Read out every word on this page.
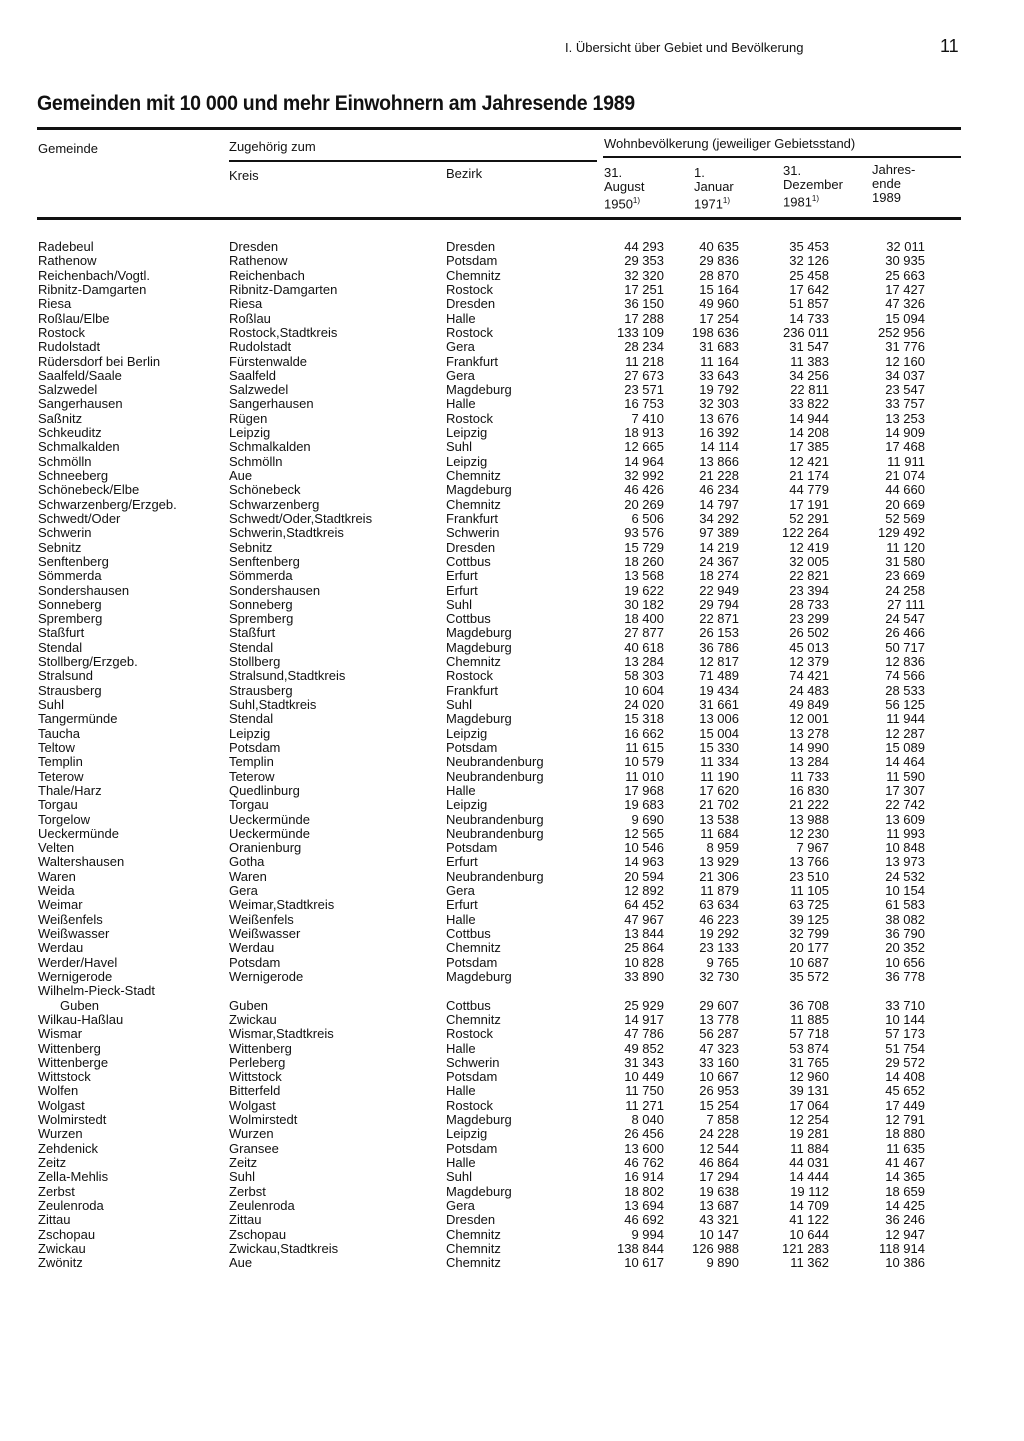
I. Übersicht über Gebiet und Bevölkerung	11
Gemeinden mit 10 000 und mehr Einwohnern am Jahresende 1989
Gemeinde	Zugehörig zum	Wohnbevölkerung (jeweiliger Gebietsstand)
Kreis	Bezirk	31.
August
1950$^{1)}$
1.
Januar
1971$^{1)}$
31.
Dezember
1981$^{1)}$
Jahres-
ende
1989
Radebeul	Dresden	Dresden	44 293	40 635	35 453	32 011
Rathenow	Rathenow	Potsdam	29 353	29 836	32 126	30 935
Reichenbach/Vogtl.	Reichenbach	Chemnitz	32 320	28 870	25 458	25 663
Ribnitz-Damgarten	Ribnitz-Damgarten	Rostock	17 251	15 164	17 642	17 427
Riesa	Riesa	Dresden	36 150	49 960	51 857	47 326
Roßlau/Elbe	Roßlau	Halle	17 288	17 254	14 733	15 094
Rostock	Rostock,Stadtkreis	Rostock	133 109	198 636	236 011	252 956
Rudolstadt	Rudolstadt	Gera	28 234	31 683	31 547	31 776
Rüdersdorf bei Berlin	Fürstenwalde	Frankfurt	11 218	11 164	11 383	12 160
Saalfeld/Saale	Saalfeld	Gera	27 673	33 643	34 256	34 037
Salzwedel	Salzwedel	Magdeburg	23 571	19 792	22 811	23 547
Sangerhausen	Sangerhausen	Halle	16 753	32 303	33 822	33 757
Saßnitz	Rügen	Rostock	7 410	13 676	14 944	13 253
Schkeuditz	Leipzig	Leipzig	18 913	16 392	14 208	14 909
Schmalkalden	Schmalkalden	Suhl	12 665	14 114	17 385	17 468
Schmölln	Schmölln	Leipzig	14 964	13 866	12 421	11 911
Schneeberg	Aue	Chemnitz	32 992	21 228	21 174	21 074
Schönebeck/Elbe	Schönebeck	Magdeburg	46 426	46 234	44 779	44 660
Schwarzenberg/Erzgeb.	Schwarzenberg	Chemnitz	20 269	14 797	17 191	20 669
Schwedt/Oder	Schwedt/Oder,Stadtkreis	Frankfurt	6 506	34 292	52 291	52 569
Schwerin	Schwerin,Stadtkreis	Schwerin	93 576	97 389	122 264	129 492
Sebnitz	Sebnitz	Dresden	15 729	14 219	12 419	11 120
Senftenberg	Senftenberg	Cottbus	18 260	24 367	32 005	31 580
Sömmerda	Sömmerda	Erfurt	13 568	18 274	22 821	23 669
Sondershausen	Sondershausen	Erfurt	19 622	22 949	23 394	24 258
Sonneberg	Sonneberg	Suhl	30 182	29 794	28 733	27 111
Spremberg	Spremberg	Cottbus	18 400	22 871	23 299	24 547
Staßfurt	Staßfurt	Magdeburg	27 877	26 153	26 502	26 466
Stendal	Stendal	Magdeburg	40 618	36 786	45 013	50 717
Stollberg/Erzgeb.	Stollberg	Chemnitz	13 284	12 817	12 379	12 836
Stralsund	Stralsund,Stadtkreis	Rostock	58 303	71 489	74 421	74 566
Strausberg	Strausberg	Frankfurt	10 604	19 434	24 483	28 533
Suhl	Suhl,Stadtkreis	Suhl	24 020	31 661	49 849	56 125
Tangermünde	Stendal	Magdeburg	15 318	13 006	12 001	11 944
Taucha	Leipzig	Leipzig	16 662	15 004	13 278	12 287
Teltow	Potsdam	Potsdam	11 615	15 330	14 990	15 089
Templin	Templin	Neubrandenburg	10 579	11 334	13 284	14 464
Teterow	Teterow	Neubrandenburg	11 010	11 190	11 733	11 590
Thale/Harz	Quedlinburg	Halle	17 968	17 620	16 830	17 307
Torgau	Torgau	Leipzig	19 683	21 702	21 222	22 742
Torgelow	Ueckermünde	Neubrandenburg	9 690	13 538	13 988	13 609
Ueckermünde	Ueckermünde	Neubrandenburg	12 565	11 684	12 230	11 993
Velten	Oranienburg	Potsdam	10 546	8 959	7 967	10 848
Waltershausen	Gotha	Erfurt	14 963	13 929	13 766	13 973
Waren	Waren	Neubrandenburg	20 594	21 306	23 510	24 532
Weida	Gera	Gera	12 892	11 879	11 105	10 154
Weimar	Weimar,Stadtkreis	Erfurt	64 452	63 634	63 725	61 583
Weißenfels	Weißenfels	Halle	47 967	46 223	39 125	38 082
Weißwasser	Weißwasser	Cottbus	13 844	19 292	32 799	36 790
Werdau	Werdau	Chemnitz	25 864	23 133	20 177	20 352
Werder/Havel	Potsdam	Potsdam	10 828	9 765	10 687	10 656
Wernigerode	Wernigerode	Magdeburg	33 890	32 730	35 572	36 778
Wilhelm-Pieck-Stadt
Guben	Guben	Cottbus	25 929	29 607	36 708	33 710
Wilkau-Haßlau	Zwickau	Chemnitz	14 917	13 778	11 885	10 144
Wismar	Wismar,Stadtkreis	Rostock	47 786	56 287	57 718	57 173
Wittenberg	Wittenberg	Halle	49 852	47 323	53 874	51 754
Wittenberge	Perleberg	Schwerin	31 343	33 160	31 765	29 572
Wittstock	Wittstock	Potsdam	10 449	10 667	12 960	14 408
Wolfen	Bitterfeld	Halle	11 750	26 953	39 131	45 652
Wolgast	Wolgast	Rostock	11 271	15 254	17 064	17 449
Wolmirstedt	Wolmirstedt	Magdeburg	8 040	7 858	12 254	12 791
Wurzen	Wurzen	Leipzig	26 456	24 228	19 281	18 880
Zehdenick	Gransee	Potsdam	13 600	12 544	11 884	11 635
Zeitz	Zeitz	Halle	46 762	46 864	44 031	41 467
Zella-Mehlis	Suhl	Suhl	16 914	17 294	14 444	14 365
Zerbst	Zerbst	Magdeburg	18 802	19 638	19 112	18 659
Zeulenroda	Zeulenroda	Gera	13 694	13 687	14 709	14 425
Zittau	Zittau	Dresden	46 692	43 321	41 122	36 246
Zschopau	Zschopau	Chemnitz	9 994	10 147	10 644	12 947
Zwickau	Zwickau,Stadtkreis	Chemnitz	138 844	126 988	121 283	118 914
Zwönitz	Aue	Chemnitz	10 617	9 890	11 362	10 386
